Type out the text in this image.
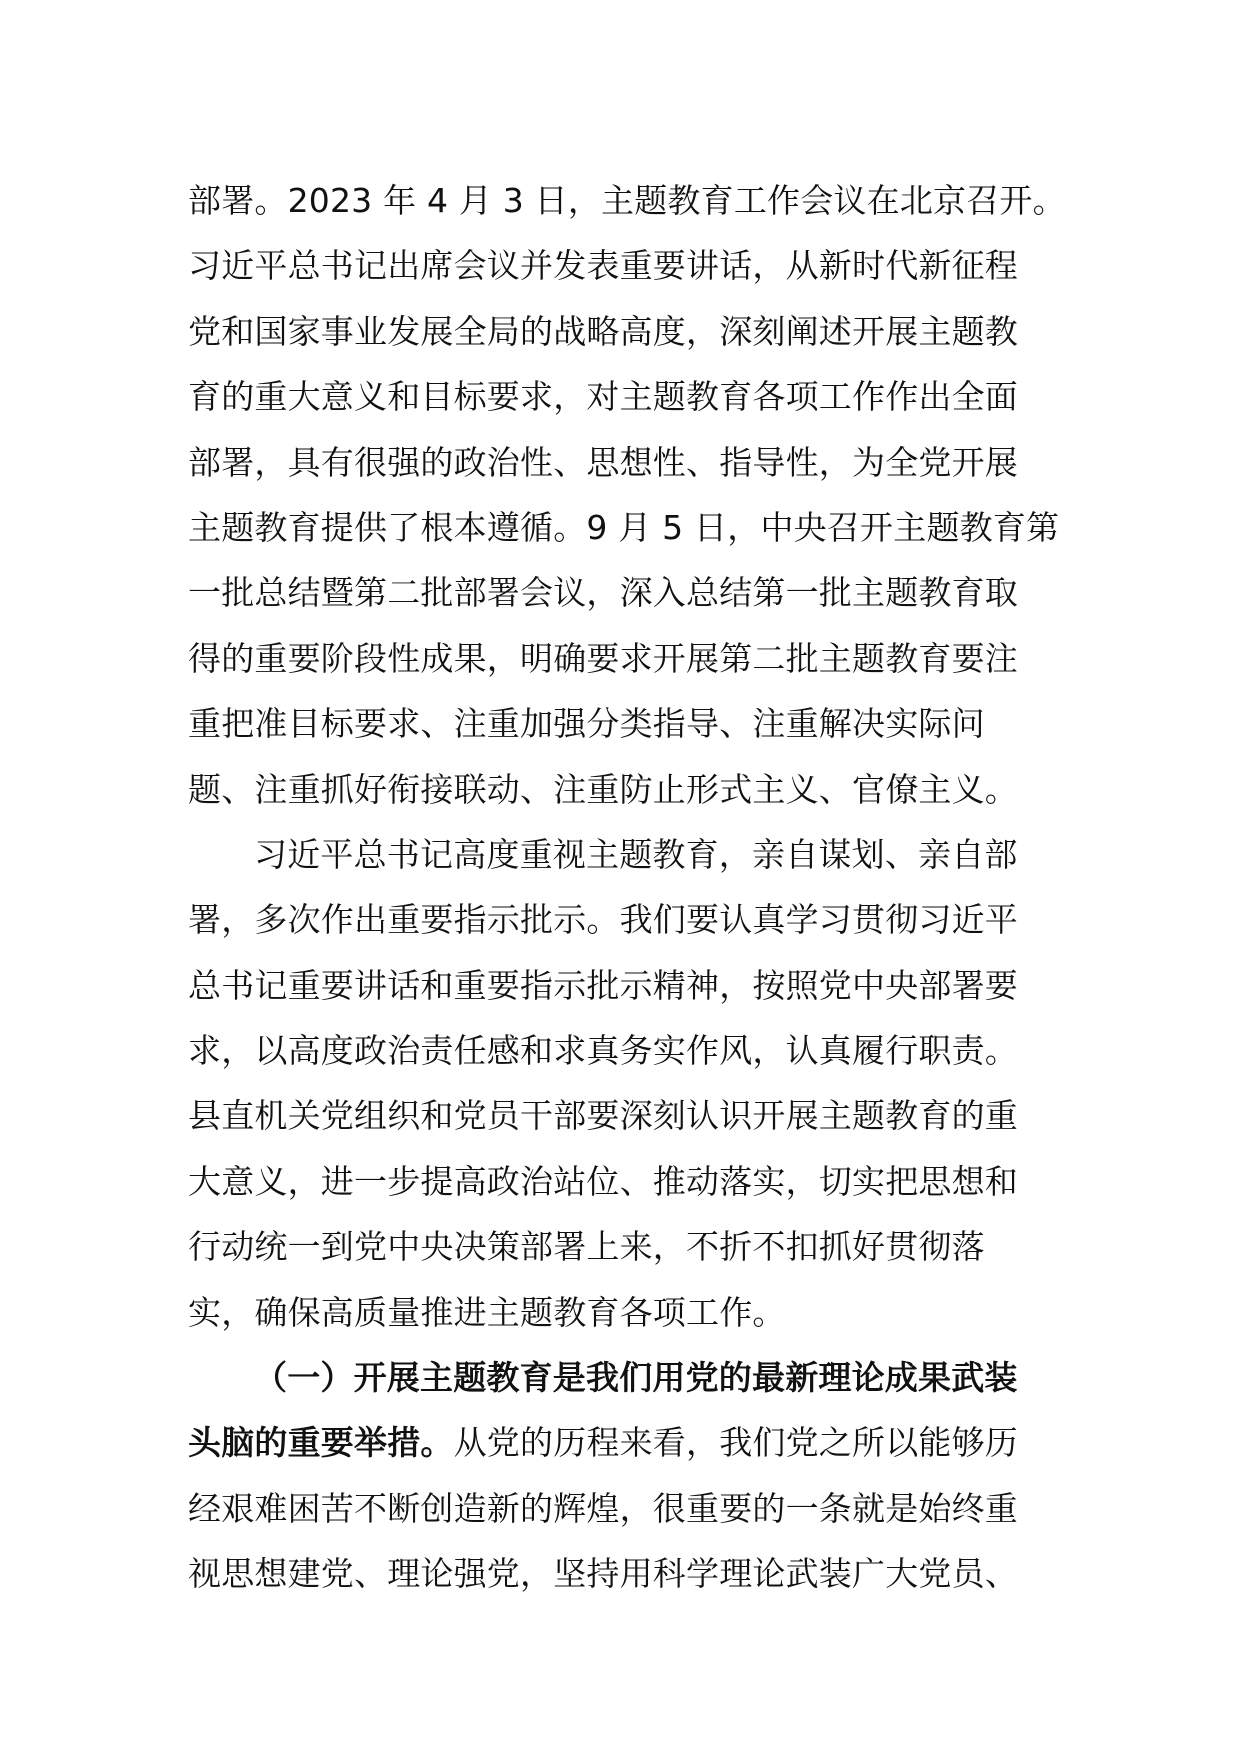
部署。2023 年 4 月 3 日，主题教育工作会议在北京召开。
习近平总书记出席会议并发表重要讲话，从新时代新征程
党和国家事业发展全局的战略高度，深刻阐述开展主题教
育的重大意义和目标要求，对主题教育各项工作作出全面
部署，具有很强的政治性、思想性、指导性，为全党开展
主题教育提供了根本遵循。9 月 5 日，中央召开主题教育第
一批总结暨第二批部署会议，深入总结第一批主题教育取
得的重要阶段性成果，明确要求开展第二批主题教育要注
重把准目标要求、注重加强分类指导、注重解决实际问
题、注重抓好衔接联动、注重防止形式主义、官僚主义。
习近平总书记高度重视主题教育，亲自谋划、亲自部
署，多次作出重要指示批示。我们要认真学习贯彻习近平
总书记重要讲话和重要指示批示精神，按照党中央部署要
求，以高度政治责任感和求真务实作风，认真履行职责。
县直机关党组织和党员干部要深刻认识开展主题教育的重
大意义，进一步提高政治站位、推动落实，切实把思想和
行动统一到党中央决策部署上来，不折不扣抓好贯彻落
实，确保高质量推进主题教育各项工作。
（一）开展主题教育是我们用党的最新理论成果武装
头脑的重要举措。从党的历程来看，我们党之所以能够历
经艰难困苦不断创造新的辉煌，很重要的一条就是始终重
视思想建党、理论强党，坚持用科学理论武装广大党员、
